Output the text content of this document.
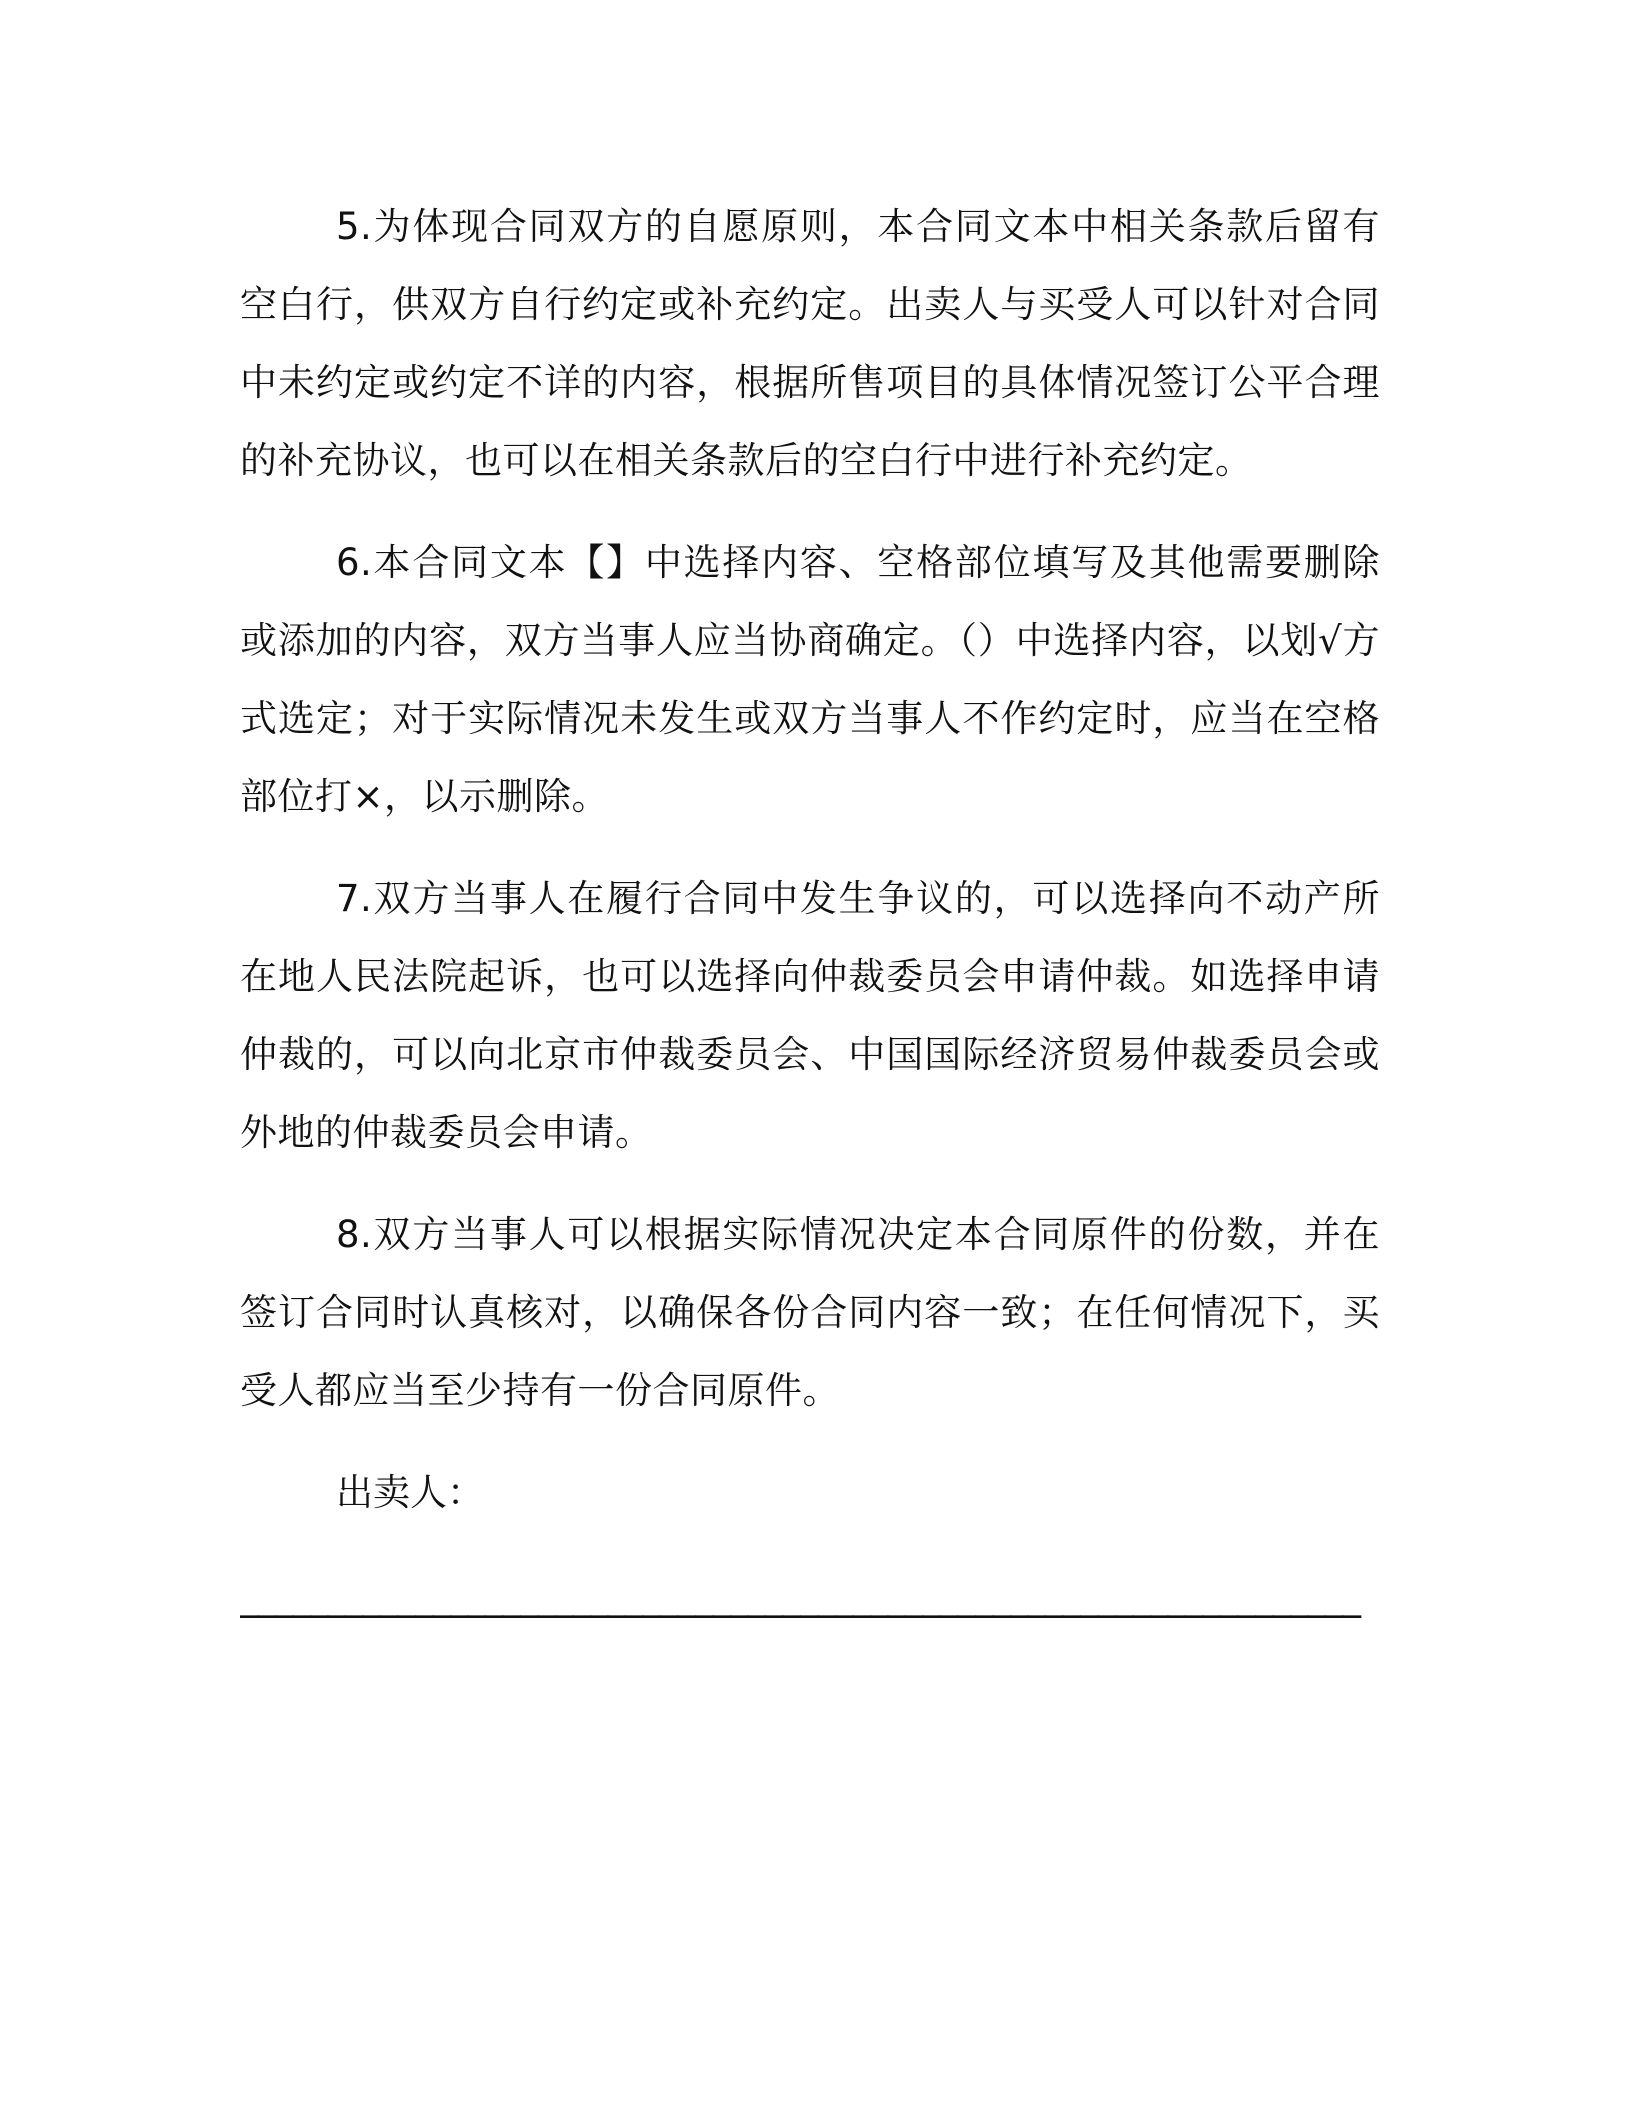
5.为体现合同双方的自愿原则，本合同文本中相关条款后留有空白行，供双方自行约定或补充约定。出卖人与买受人可以针对合同中未约定或约定不详的内容，根据所售项目的具体情况签订公平合理的补充协议，也可以在相关条款后的空白行中进行补充约定。

6.本合同文本【】中选择内容、空格部位填写及其他需要删除或添加的内容，双方当事人应当协商确定。（）中选择内容，以划√方式选定；对于实际情况未发生或双方当事人不作约定时，应当在空格部位打×，以示删除。

7.双方当事人在履行合同中发生争议的，可以选择向不动产所在地人民法院起诉，也可以选择向仲裁委员会申请仲裁。如选择申请仲裁的，可以向北京市仲裁委员会、中国国际经济贸易仲裁委员会或外地的仲裁委员会申请。

8.双方当事人可以根据实际情况决定本合同原件的份数，并在签订合同时认真核对，以确保各份合同内容一致；在任何情况下，买受人都应当至少持有一份合同原件。

出卖人：

________________________________________________________________
